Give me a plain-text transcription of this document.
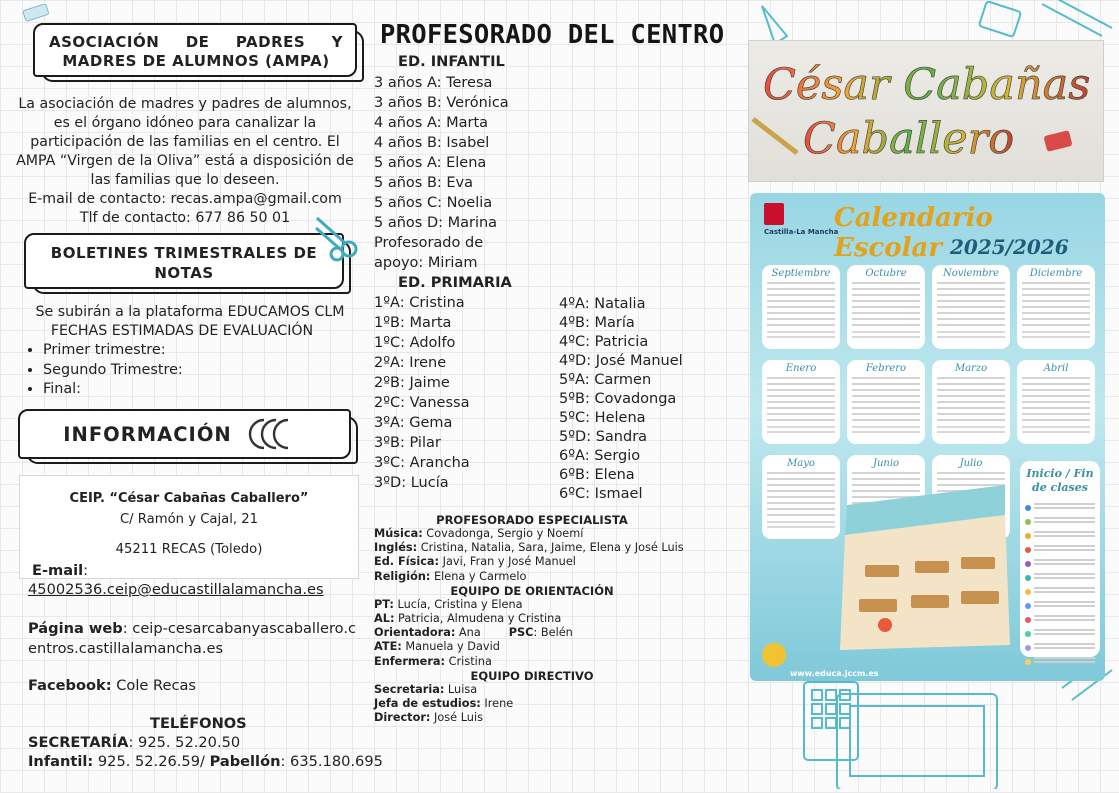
ASOCIACIÓN DE PADRES Y MADRES DE ALUMNOS (AMPA)
La asociación de madres y padres de alumnos, es el órgano idóneo para canalizar la participación de las familias en el centro. El AMPA “Virgen de la Oliva” está a disposición de las familias que lo deseen.
E-mail de contacto: recas.ampa@gmail.com
Tlf de contacto: 677 86 50 01
BOLETINES TRIMESTRALES DE NOTAS
Se subirán a la plataforma EDUCAMOS CLM
FECHAS ESTIMADAS DE EVALUACIÓN
• Primer trimestre:
• Segundo Trimestre:
• Final:
INFORMACIÓN
CEIP. “César Cabañas Caballero”
C/ Ramón y Cajal, 21
45211 RECAS (Toledo)
E-mail:
45002536.ceip@educastillalamancha.es
Página web: ceip-cesarcabanyascaballero.centros.castillalamancha.es
Facebook: Cole Recas
TELÉFONOS
SECRETARÍA: 925. 52.20.50
Infantil: 925. 52.26.59/ Pabellón: 635.180.695
PROFESORADO DEL CENTRO
ED. INFANTIL
3 años A: Teresa
3 años B: Verónica
4 años A: Marta
4 años B: Isabel
5 años A: Elena
5 años B: Eva
5 años C: Noelia
5 años D: Marina
Profesorado de
apoyo: Miriam
ED. PRIMARIA
1ºA: Cristina
1ºB: Marta
1ºC: Adolfo
2ºA: Irene
2ºB: Jaime
2ºC: Vanessa
3ºA: Gema
3ºB: Pilar
3ºC: Arancha
3ºD: Lucía
4ºA: Natalia
4ºB: María
4ºC: Patricia
4ºD: José Manuel
5ºA: Carmen
5ºB: Covadonga
5ºC: Helena
5ºD: Sandra
6ºA: Sergio
6ºB: Elena
6ºC: Ismael
PROFESORADO ESPECIALISTA
Música: Covadonga, Sergio y Noemí
Inglés: Cristina, Natalia, Sara, Jaime, Elena y José Luis
Ed. Física: Javi, Fran y José Manuel
Religión: Elena y Carmelo
EQUIPO DE ORIENTACIÓN
PT: Lucía, Cristina y Elena
AL: Patricia, Almudena y Cristina
Orientadora: Ana PSC: Belén
ATE: Manuela y David
Enfermera: Cristina
EQUIPO DIRECTIVO
Secretaria: Luisa
Jefa de estudios: Irene
Director: José Luis
César Cabañas
Caballero
Castilla-La Mancha
Calendario Escolar 2025/2026
Septiembre	Octubre	Noviembre	Diciembre
Enero	Febrero	Marzo	Abril
Mayo	Junio	Julio
Inicio / Fin de clases
www.educa.jccm.es
